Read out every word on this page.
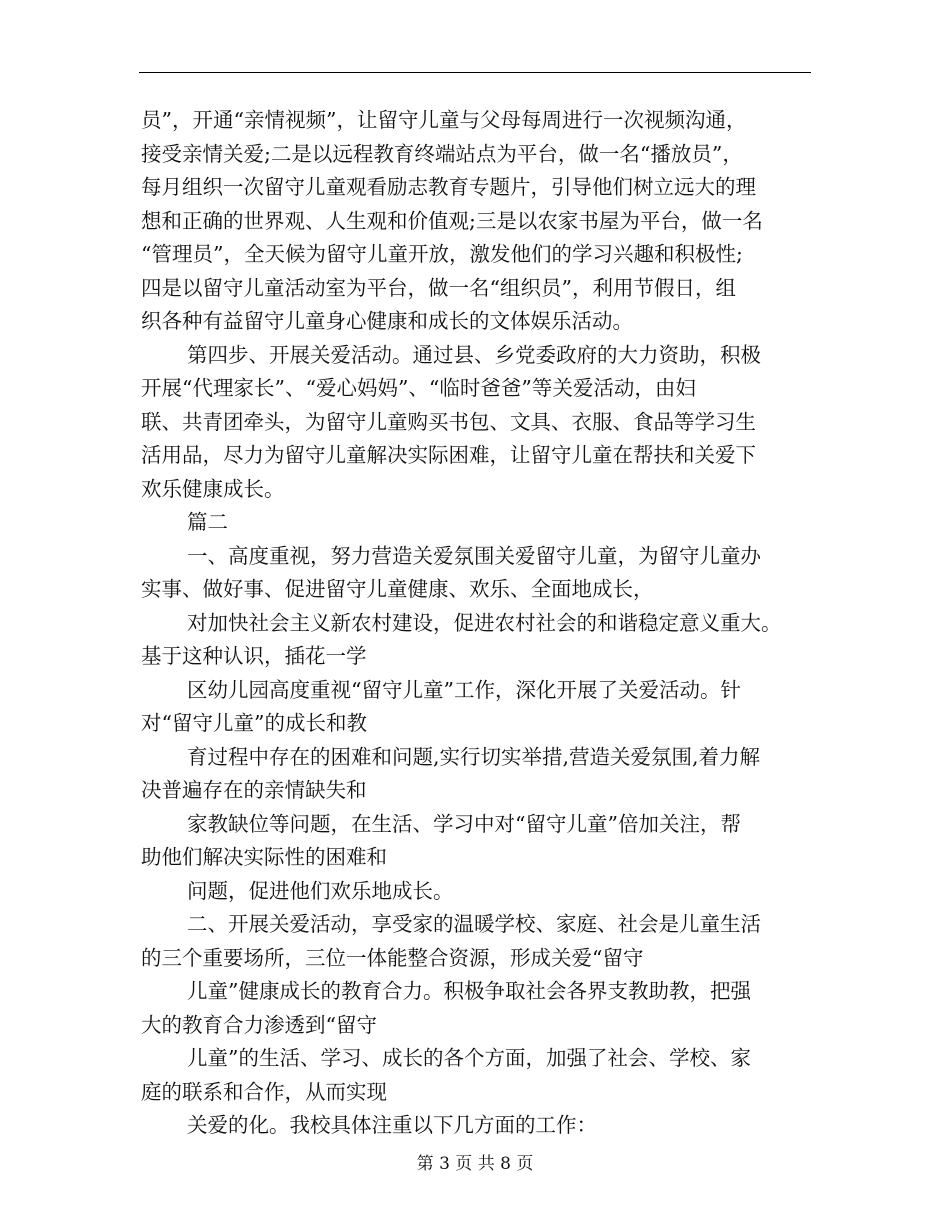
员”，开通“亲情视频”，让留守儿童与父母每周进行一次视频沟通，
接受亲情关爱;二是以远程教育终端站点为平台，做一名“播放员”，
每月组织一次留守儿童观看励志教育专题片，引导他们树立远大的理
想和正确的世界观、人生观和价值观;三是以农家书屋为平台，做一名
“管理员”，全天候为留守儿童开放，激发他们的学习兴趣和积极性;
四是以留守儿童活动室为平台，做一名“组织员”，利用节假日，组
织各种有益留守儿童身心健康和成长的文体娱乐活动。
第四步、开展关爱活动。通过县、乡党委政府的大力资助，积极
开展“代理家长”、“爱心妈妈”、“临时爸爸”等关爱活动，由妇
联、共青团牵头，为留守儿童购买书包、文具、衣服、食品等学习生
活用品，尽力为留守儿童解决实际困难，让留守儿童在帮扶和关爱下
欢乐健康成长。
篇二
一、高度重视，努力营造关爱氛围关爱留守儿童，为留守儿童办
实事、做好事、促进留守儿童健康、欢乐、全面地成长，
对加快社会主义新农村建设，促进农村社会的和谐稳定意义重大。
基于这种认识，插花一学
区幼儿园高度重视“留守儿童”工作，深化开展了关爱活动。针
对“留守儿童”的成长和教
育过程中存在的困难和问题,实行切实举措,营造关爱氛围,着力解
决普遍存在的亲情缺失和
家教缺位等问题，在生活、学习中对“留守儿童”倍加关注，帮
助他们解决实际性的困难和
问题，促进他们欢乐地成长。
二、开展关爱活动，享受家的温暖学校、家庭、社会是儿童生活
的三个重要场所，三位一体能整合资源，形成关爱“留守
儿童”健康成长的教育合力。积极争取社会各界支教助教，把强
大的教育合力渗透到“留守
儿童”的生活、学习、成长的各个方面，加强了社会、学校、家
庭的联系和合作，从而实现
关爱的化。我校具体注重以下几方面的工作：
第 3 页 共 8 页
